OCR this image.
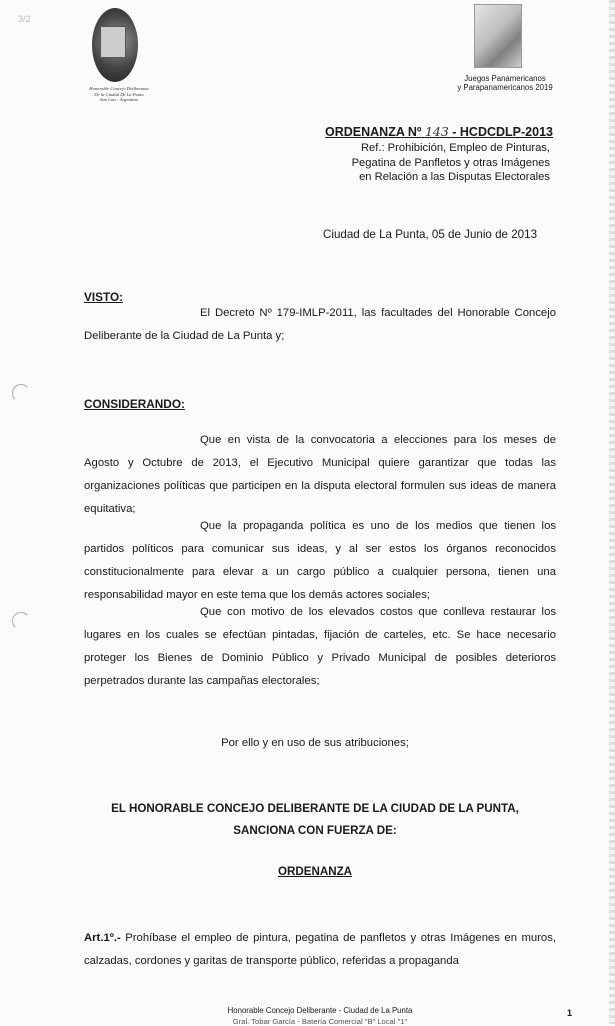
3/2
Honorable Concejo Deliberante
De la Ciudad De La Punta
San Luis - Argentina
Juegos Panamericanos
y Parapanamericanos 2019
ORDENANZA Nº 143 - HCDCDLP-2013
Ref.: Prohibición, Empleo de Pinturas,
Pegatina de Panfletos y otras Imágenes
en Relación a las Disputas Electorales
Ciudad de La Punta, 05 de Junio de 2013
VISTO:
El Decreto Nº 179-IMLP-2011, las facultades del Honorable Concejo Deliberante de la Ciudad de La Punta y;
CONSIDERANDO:
Que en vista de la convocatoria a elecciones para los meses de Agosto y Octubre de 2013, el Ejecutivo Municipal quiere garantizar que todas las organizaciones políticas que participen en la disputa electoral formulen sus ideas de manera equitativa;
Que la propaganda política es uno de los medios que tienen los partidos políticos para comunicar sus ideas, y al ser estos los órganos reconocidos constitucionalmente para elevar a un cargo público a cualquier persona, tienen una responsabilidad mayor en este tema que los demás actores sociales;
Que con motivo de los elevados costos que conlleva restaurar los lugares en los cuales se efectúan pintadas, fijación de carteles, etc. Se hace necesario proteger los Bienes de Dominio Público y Privado Municipal de posibles deterioros perpetrados durante las campañas electorales;
Por ello y en uso de sus atribuciones;
EL HONORABLE CONCEJO DELIBERANTE DE LA CIUDAD DE LA PUNTA,
SANCIONA CON FUERZA DE:
ORDENANZA
Art.1º.- Prohíbase el empleo de pintura, pegatina de panfletos y otras Imágenes en muros, calzadas, cordones y garitas de transporte público, referidas a propaganda
Honorable Concejo Deliberante - Ciudad de La Punta
Gral. Tobar García - Batería Comercial "B" Local "1"
1
